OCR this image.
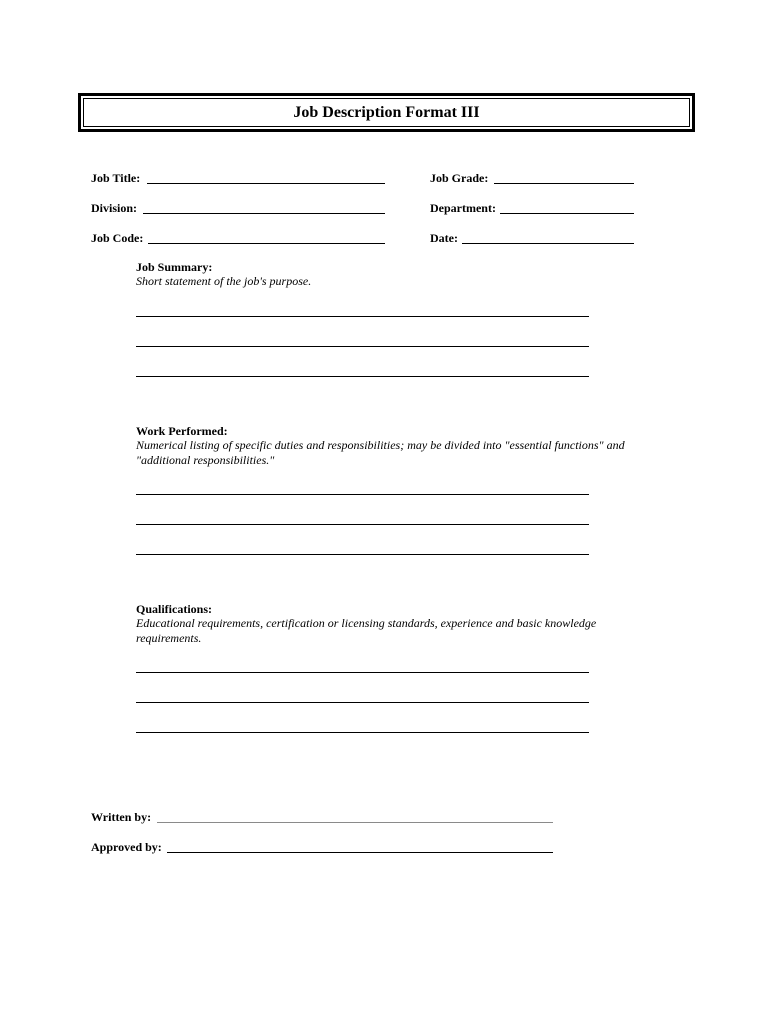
Job Description Format III
Job Title:	Job Grade:
Division:	Department:
Job Code:	Date:
Job Summary:
Short statement of the job's purpose.
Work Performed:
Numerical listing of specific duties and responsibilities; may be divided into "essential functions" and "additional responsibilities."
Qualifications:
Educational requirements, certification or licensing standards, experience and basic knowledge requirements.
Written by:
Approved by:
